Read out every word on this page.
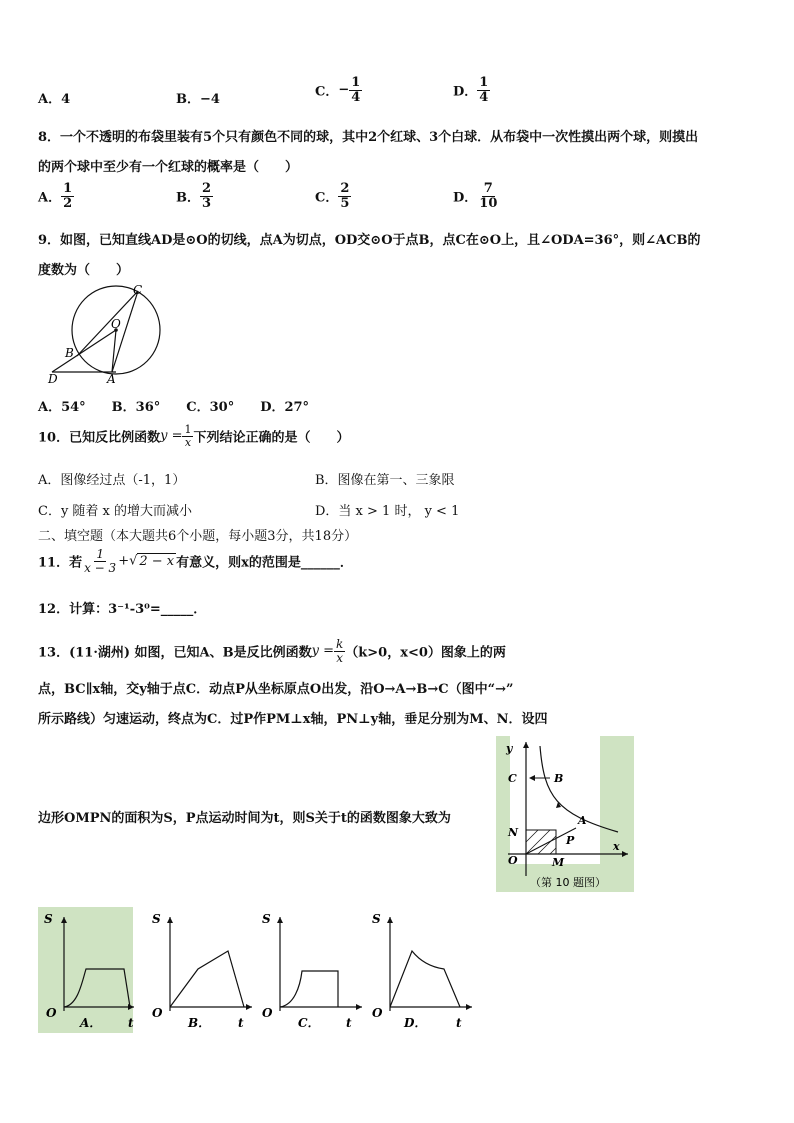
A．4	B．−4	C．− $\frac{1}{4}$	D． $\frac{1}{4}$
8．一个不透明的布袋里装有5个只有颜色不同的球，其中2个红球、3个白球．从布袋中一次性摸出两个球，则摸出
的两个球中至少有一个红球的概率是（　　）
A． $\frac{1}{2}$	B． $\frac{2}{3}$	C． $\frac{2}{5}$	D． $\frac{7}{10}$
9．如图，已知直线AD是⊙O的切线，点A为切点，OD交⊙O于点B，点C在⊙O上，且∠ODA=36°，则∠ACB的
度数为（　　）
C
O
B
D	A
A．54°　　B．36°　　C．30°　　D．27°
10．已知反比例函数$y = \frac{1}{x}$ 下列结论正确的是（　　）
A．图像经过点（-1，1）	B．图像在第一、三象限
C．y 随着 x 的增大而减小	D．当 x > 1 时， y < 1
二、填空题（本大题共6个小题，每小题3分，共18分）
11．若 $\frac{1}{x - 3}$ +√ 2 − x 有意义，则x的范围是______．
12．计算：3⁻¹-3⁰=_____．
13．(11·湖州) 如图，已知A、B是反比例函数$y = \frac{k}{x} (k>0$，x<0）图象上的两
点，BC∥x轴，交y轴于点C．动点P从坐标原点O出发，沿O→A→B→C（图中“→”
所示路线）匀速运动，终点为C．过P作PM⊥x轴，PN⊥y轴，垂足分别为M、N．设四
边形OMPN的面积为S，P点运动时间为t，则S关于t的函数图象大致为
y
x
C	B
A
P
N
O	M
（第 10 题图）
S
O
t
A．
S
O
t
B．
S
O
t
C．
S
O
t
D．
